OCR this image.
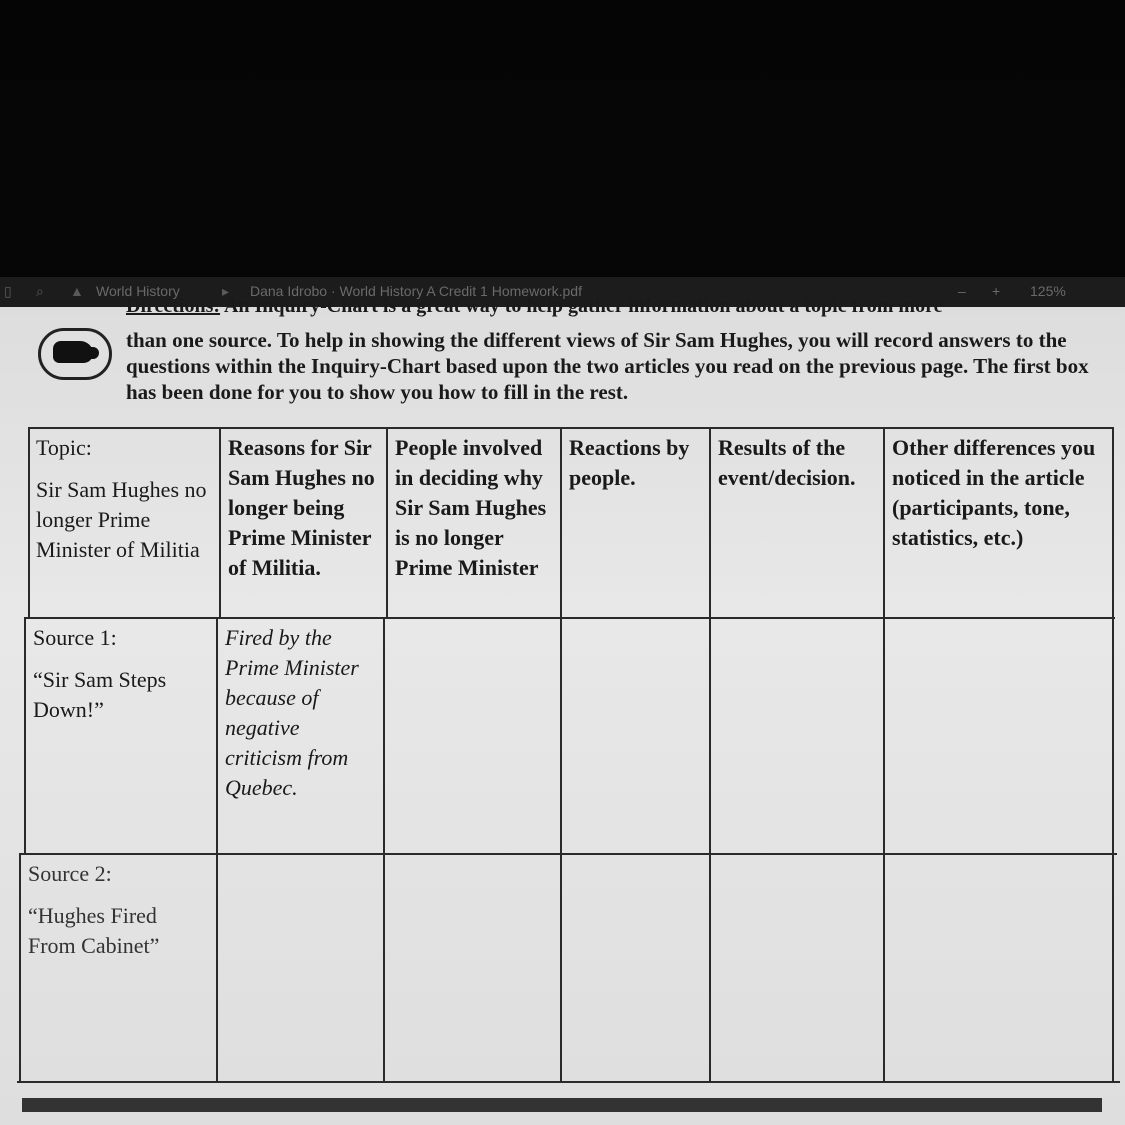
▯ ⌕ ▲ World History	▸ Dana Idrobo · World History A Credit 1 Homework.pdf	– + 125%
Directions: An Inquiry-Chart is a great way to help gather information about a topic from more
than one source. To help in showing the different views of Sir Sam Hughes, you will record answers to the questions within the Inquiry-Chart based upon the two articles you read on the previous page. The first box has been done for you to show you how to fill in the rest.
Topic:
Sir Sam Hughes no longer Prime Minister of Militia
Reasons for Sir Sam Hughes no longer being Prime Minister of Militia.
People involved in deciding why Sir Sam Hughes is no longer Prime Minister
Reactions by people.
Results of the event/decision.
Other differences you noticed in the article (participants, tone, statistics, etc.)
Source 1:
“Sir Sam Steps Down!”
Fired by the Prime Minister because of negative criticism from Quebec.
Source 2:
“Hughes Fired From Cabinet”
